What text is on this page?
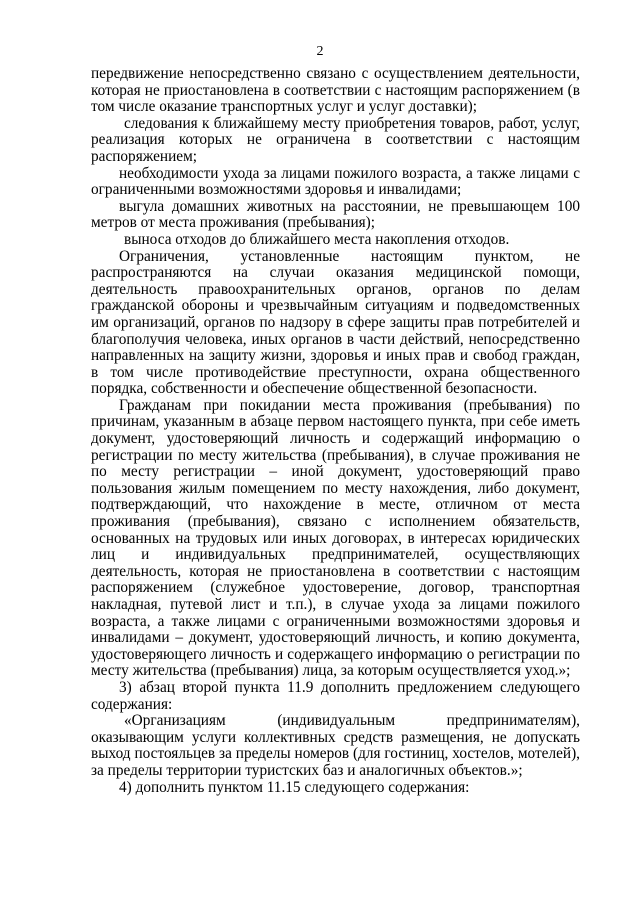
2

передвижение непосредственно связано с осуществлением деятельности, которая не приостановлена в соответствии с настоящим распоряжением (в том числе оказание транспортных услуг и услуг доставки);

следования к ближайшему месту приобретения товаров, работ, услуг, реализация которых не ограничена в соответствии с настоящим распоряжением;

необходимости ухода за лицами пожилого возраста, а также лицами с ограниченными возможностями здоровья и инвалидами;

выгула домашних животных на расстоянии, не превышающем 100 метров от места проживания (пребывания);

выноса отходов до ближайшего места накопления отходов.

Ограничения, установленные настоящим пунктом, не распространяются на случаи оказания медицинской помощи, деятельность правоохранительных органов, органов по делам гражданской обороны и чрезвычайным ситуациям и подведомственных им организаций, органов по надзору в сфере защиты прав потребителей и благополучия человека, иных органов в части действий, непосредственно направленных на защиту жизни, здоровья и иных прав и свобод граждан, в том числе противодействие преступности, охрана общественного порядка, собственности и обеспечение общественной безопасности.

Гражданам при покидании места проживания (пребывания) по причинам, указанным в абзаце первом настоящего пункта, при себе иметь документ, удостоверяющий личность и содержащий информацию о регистрации по месту жительства (пребывания), в случае проживания не по месту регистрации – иной документ, удостоверяющий право пользования жилым помещением по месту нахождения, либо документ, подтверждающий, что нахождение в месте, отличном от места проживания (пребывания), связано с исполнением обязательств, основанных на трудовых или иных договорах, в интересах юридических лиц и индивидуальных предпринимателей, осуществляющих деятельность, которая не приостановлена в соответствии с настоящим распоряжением (служебное удостоверение, договор, транспортная накладная, путевой лист и т.п.), в случае ухода за лицами пожилого возраста, а также лицами с ограниченными возможностями здоровья и инвалидами – документ, удостоверяющий личность, и копию документа, удостоверяющего личность и содержащего информацию о регистрации по месту жительства (пребывания) лица, за которым осуществляется уход.»;

3) абзац второй пункта 11.9 дополнить предложением следующего содержания:

«Организациям (индивидуальным предпринимателям), оказывающим услуги коллективных средств размещения, не допускать выход постояльцев за пределы номеров (для гостиниц, хостелов, мотелей), за пределы территории туристских баз и аналогичных объектов.»;

4) дополнить пунктом 11.15 следующего содержания:
